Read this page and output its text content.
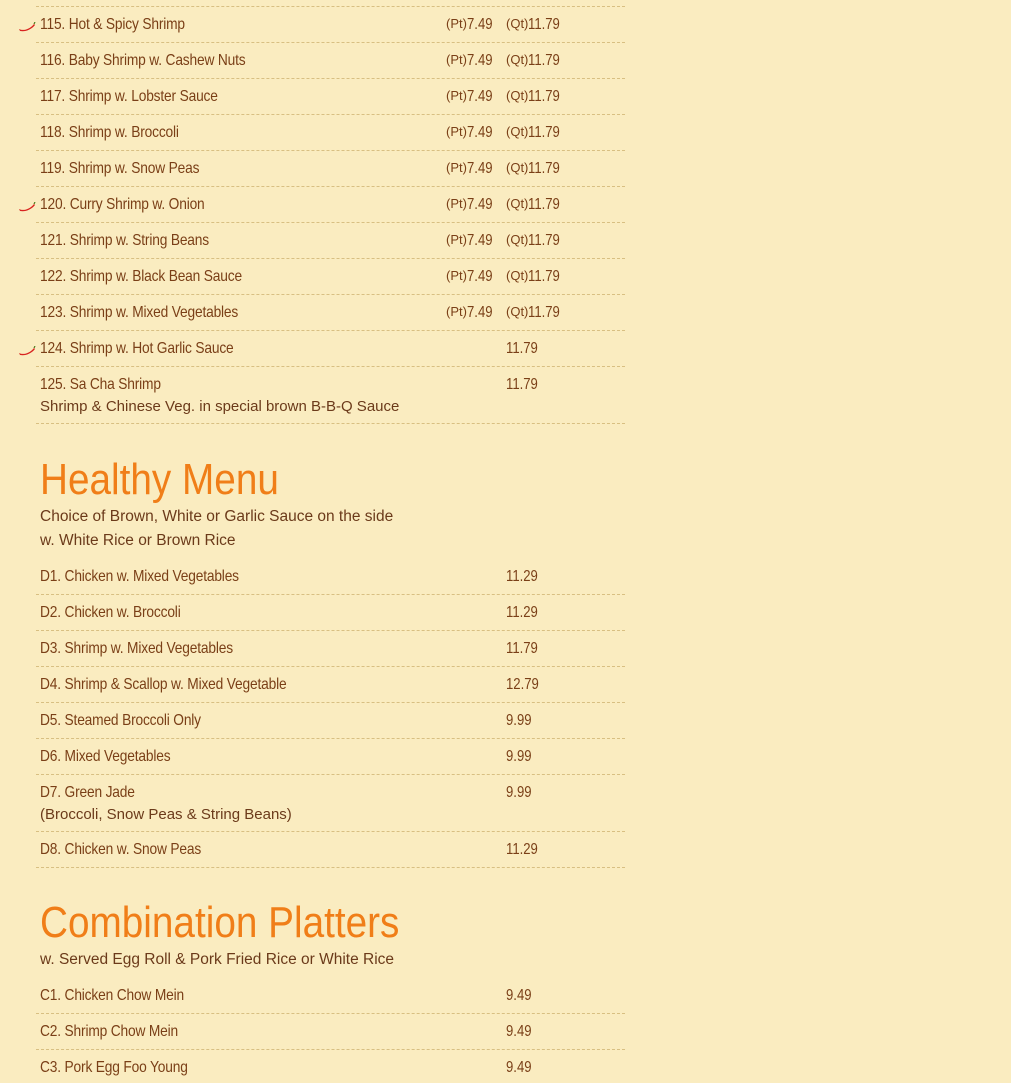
115. Hot & Spicy Shrimp	(Pt)7.49	(Qt)11.79
116. Baby Shrimp w. Cashew Nuts	(Pt)7.49	(Qt)11.79
117. Shrimp w. Lobster Sauce	(Pt)7.49	(Qt)11.79
118. Shrimp w. Broccoli	(Pt)7.49	(Qt)11.79
119. Shrimp w. Snow Peas	(Pt)7.49	(Qt)11.79
120. Curry Shrimp w. Onion	(Pt)7.49	(Qt)11.79
121. Shrimp w. String Beans	(Pt)7.49	(Qt)11.79
122. Shrimp w. Black Bean Sauce	(Pt)7.49	(Qt)11.79
123. Shrimp w. Mixed Vegetables	(Pt)7.49	(Qt)11.79
124. Shrimp w. Hot Garlic Sauce	11.79
125. Sa Cha Shrimp	11.79
Shrimp & Chinese Veg. in special brown B-B-Q Sauce
Healthy Menu
Choice of Brown, White or Garlic Sauce on the side
w. White Rice or Brown Rice
D1. Chicken w. Mixed Vegetables	11.29
D2. Chicken w. Broccoli	11.29
D3. Shrimp w. Mixed Vegetables	11.79
D4. Shrimp & Scallop w. Mixed Vegetable	12.79
D5. Steamed Broccoli Only	9.99
D6. Mixed Vegetables	9.99
D7. Green Jade	9.99
(Broccoli, Snow Peas & String Beans)
D8. Chicken w. Snow Peas	11.29
Combination Platters
w. Served Egg Roll & Pork Fried Rice or White Rice
C1. Chicken Chow Mein	9.49
C2. Shrimp Chow Mein	9.49
C3. Pork Egg Foo Young	9.49
